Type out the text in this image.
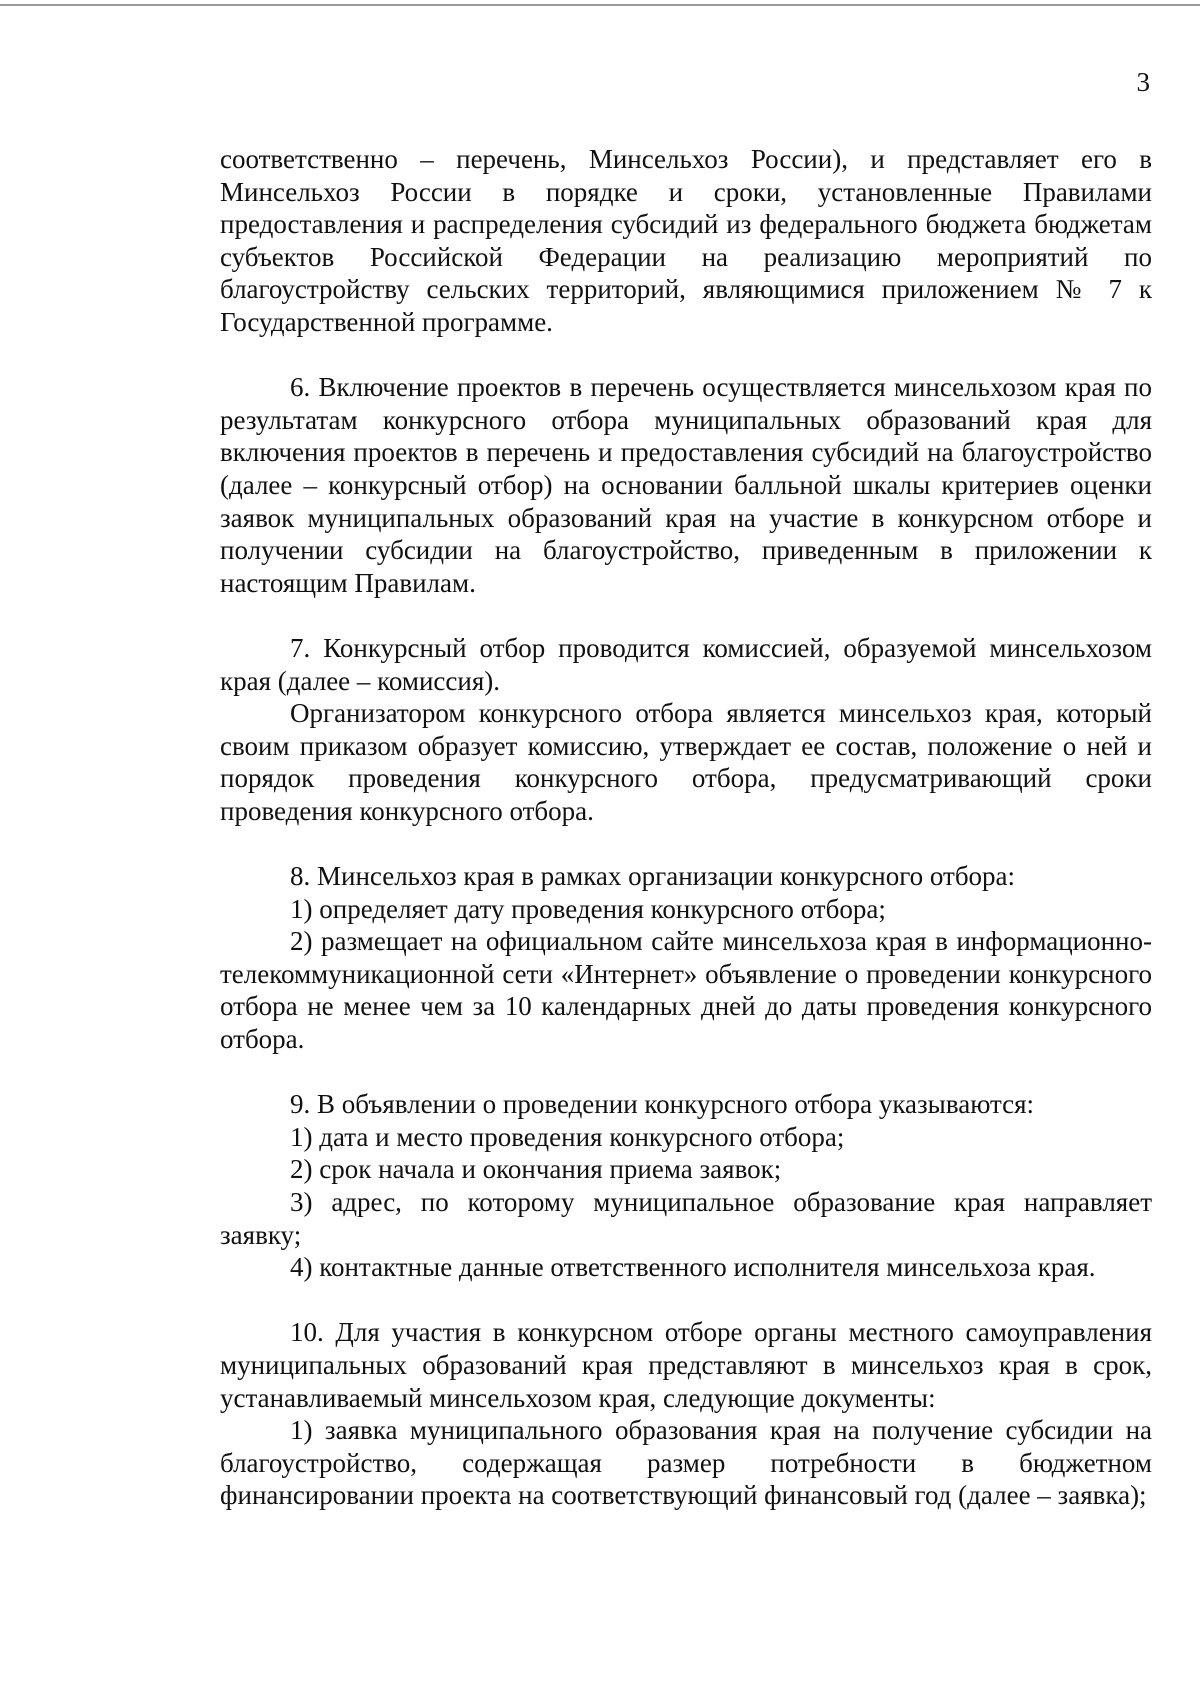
3

соответственно – перечень, Минсельхоз России), и представляет его в Минсельхоз России в порядке и сроки, установленные Правилами предоставления и распределения субсидий из федерального бюджета бюджетам субъектов Российской Федерации на реализацию мероприятий по благоустройству сельских территорий, являющимися приложением № 7 к Государственной программе.

6. Включение проектов в перечень осуществляется минсельхозом края по результатам конкурсного отбора муниципальных образований края для включения проектов в перечень и предоставления субсидий на благоустройство (далее – конкурсный отбор) на основании балльной шкалы критериев оценки заявок муниципальных образований края на участие в конкурсном отборе и получении субсидии на благоустройство, приведенным в приложении к настоящим Правилам.

7. Конкурсный отбор проводится комиссией, образуемой минсельхозом края (далее – комиссия).

Организатором конкурсного отбора является минсельхоз края, который своим приказом образует комиссию, утверждает ее состав, положение о ней и порядок проведения конкурсного отбора, предусматривающий сроки проведения конкурсного отбора.

8. Минсельхоз края в рамках организации конкурсного отбора:

1) определяет дату проведения конкурсного отбора;

2) размещает на официальном сайте минсельхоза края в информационно-телекоммуникационной сети «Интернет» объявление о проведении конкурсного отбора не менее чем за 10 календарных дней до даты проведения конкурсного отбора.

9. В объявлении о проведении конкурсного отбора указываются:

1) дата и место проведения конкурсного отбора;

2) срок начала и окончания приема заявок;

3) адрес, по которому муниципальное образование края направляет заявку;

4) контактные данные ответственного исполнителя минсельхоза края.

10. Для участия в конкурсном отборе органы местного самоуправления муниципальных образований края представляют в минсельхоз края в срок, устанавливаемый минсельхозом края, следующие документы:

1) заявка муниципального образования края на получение субсидии на благоустройство, содержащая размер потребности в бюджетном финансировании проекта на соответствующий финансовый год (далее – заявка);
